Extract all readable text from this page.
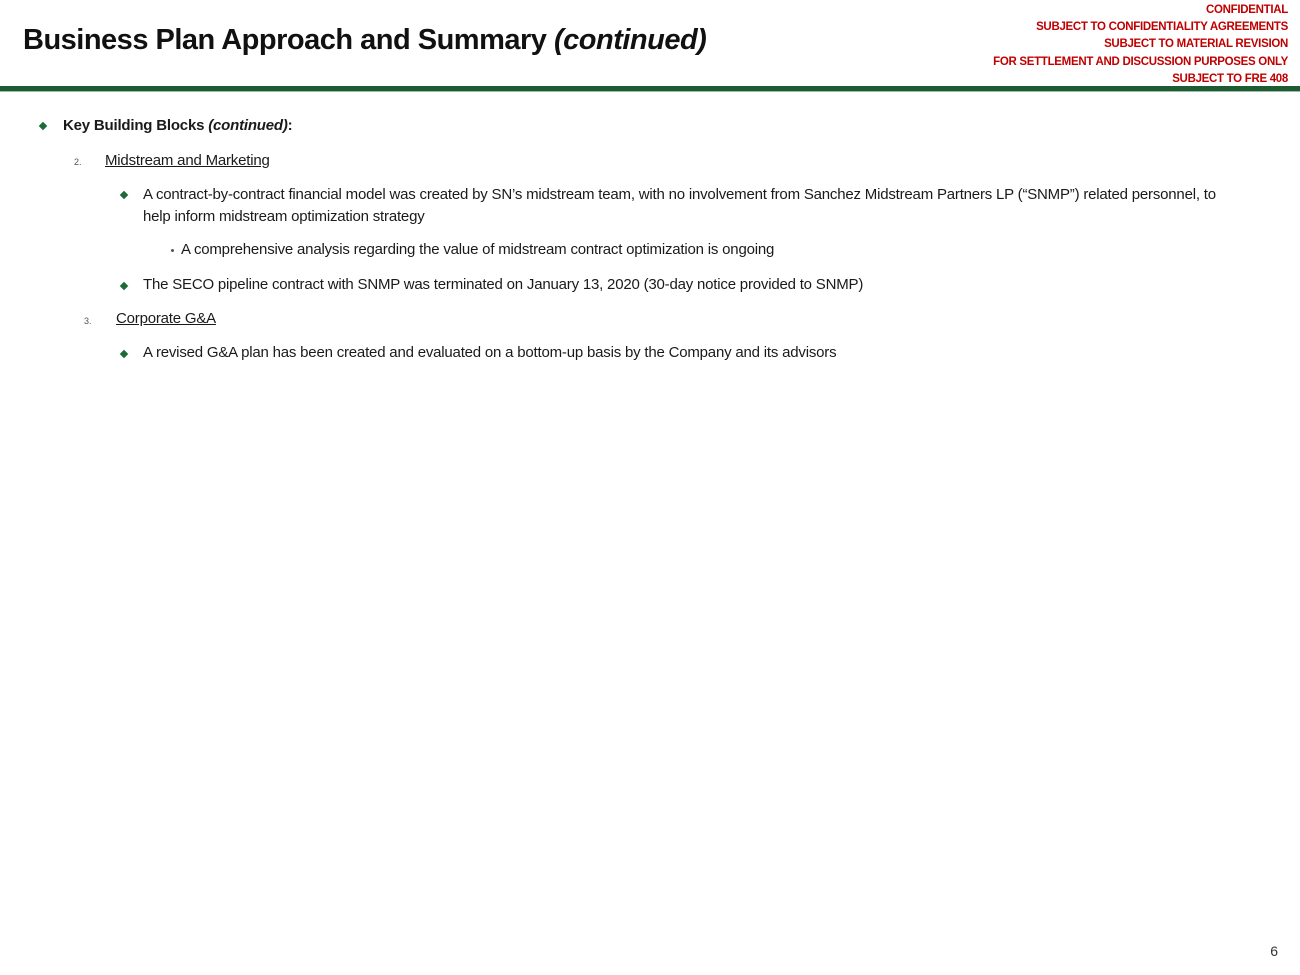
Business Plan Approach and Summary (continued)
CONFIDENTIAL
SUBJECT TO CONFIDENTIALITY AGREEMENTS
SUBJECT TO MATERIAL REVISION
FOR SETTLEMENT AND DISCUSSION PURPOSES ONLY
SUBJECT TO FRE 408
Key Building Blocks (continued):
2. Midstream and Marketing
A contract-by-contract financial model was created by SN’s midstream team, with no involvement from Sanchez Midstream Partners LP (“SNMP”) related personnel, to help inform midstream optimization strategy
A comprehensive analysis regarding the value of midstream contract optimization is ongoing
The SECO pipeline contract with SNMP was terminated on January 13, 2020 (30-day notice provided to SNMP)
3. Corporate G&A
A revised G&A plan has been created and evaluated on a bottom-up basis by the Company and its advisors
6
